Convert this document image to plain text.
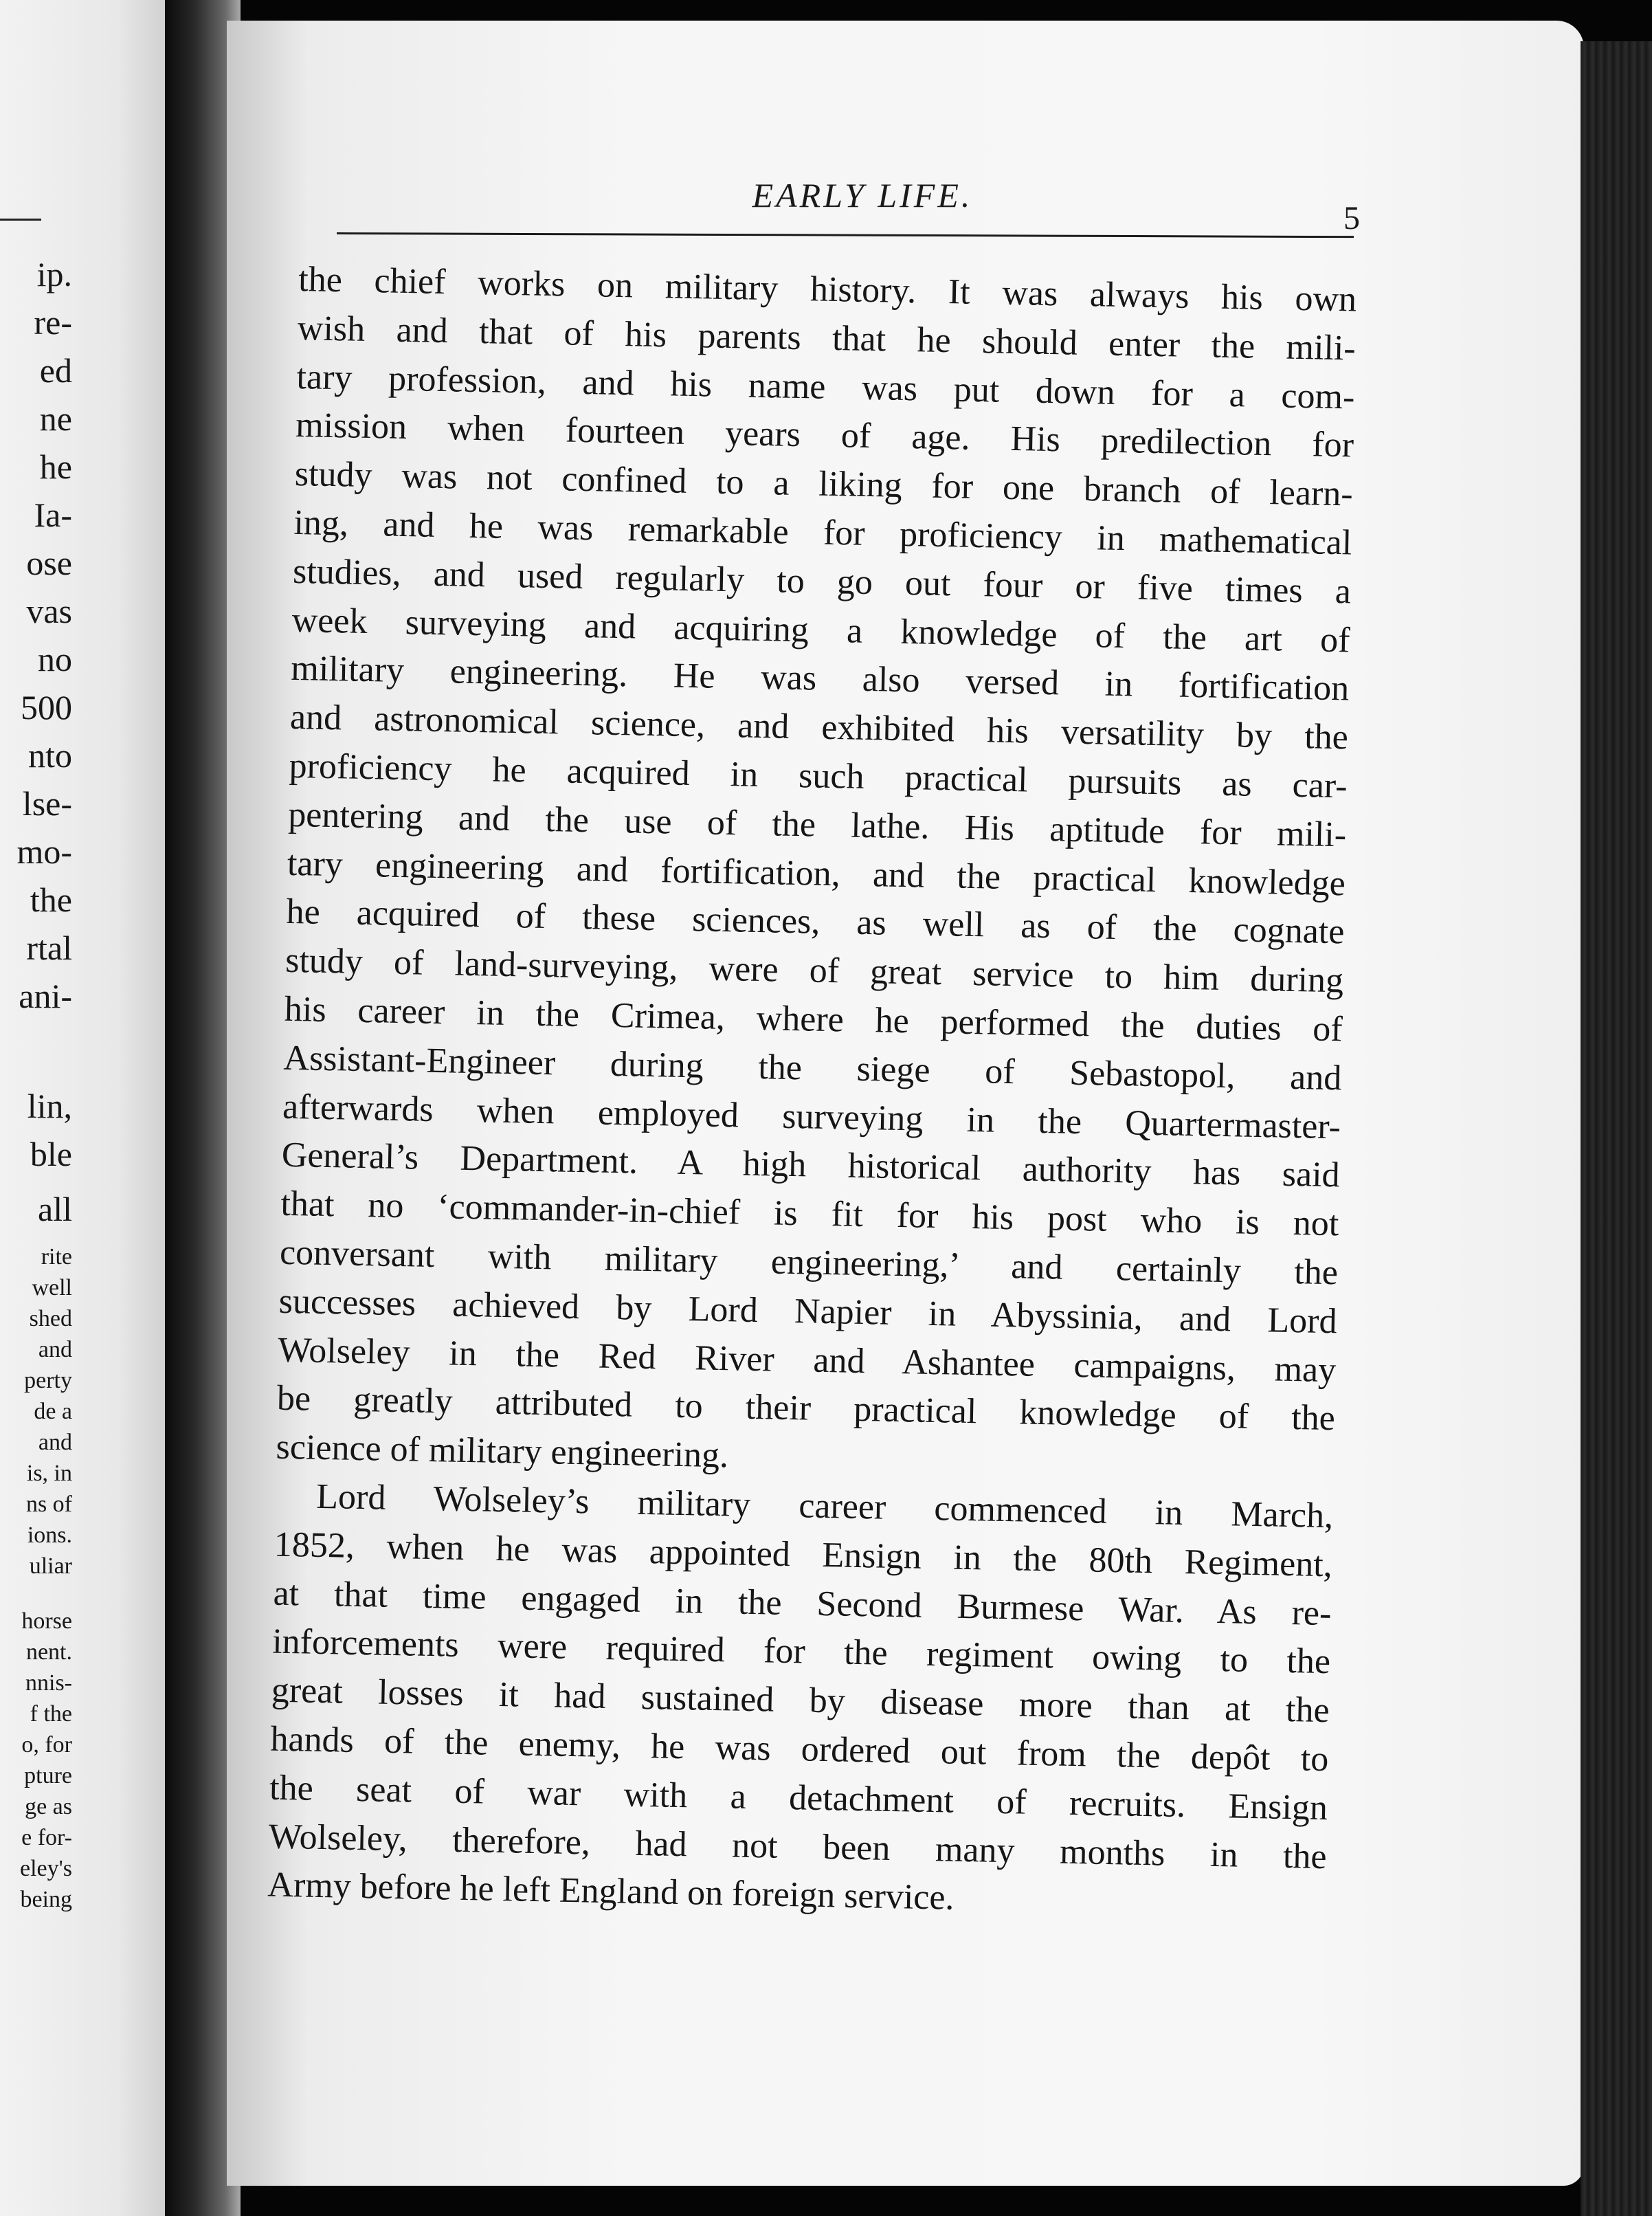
ip.
re-
ed
ne
he
Ia-
ose
vas
no
500
nto
lse-
mo-
the
rtal
ani-
lin,
ble
all
rite
well
shed
and
perty
de a
and
is, in
ns of
ions.
uliar
horse
nent.
nnis-
f the
o, for
pture
ge as
e for-
eley's
being
EARLY LIFE.
5
the chief works on military history. It was always his own
wish and that of his parents that he should enter the mili-
tary profession, and his name was put down for a com-
mission when fourteen years of age. His predilection for
study was not confined to a liking for one branch of learn-
ing, and he was remarkable for proficiency in mathematical
studies, and used regularly to go out four or five times a
week surveying and acquiring a knowledge of the art of
military engineering. He was also versed in fortification
and astronomical science, and exhibited his versatility by the
proficiency he acquired in such practical pursuits as car-
pentering and the use of the lathe. His aptitude for mili-
tary engineering and fortification, and the practical knowledge
he acquired of these sciences, as well as of the cognate
study of land-surveying, were of great service to him during
his career in the Crimea, where he performed the duties of
Assistant-Engineer during the siege of Sebastopol, and
afterwards when employed surveying in the Quartermaster-
General’s Department. A high historical authority has said
that no ‘commander-in-chief is fit for his post who is not
conversant with military engineering,’ and certainly the
successes achieved by Lord Napier in Abyssinia, and Lord
Wolseley in the Red River and Ashantee campaigns, may
be greatly attributed to their practical knowledge of the
science of military engineering.
Lord Wolseley’s military career commenced in March,
1852, when he was appointed Ensign in the 80th Regiment,
at that time engaged in the Second Burmese War. As re-
inforcements were required for the regiment owing to the
great losses it had sustained by disease more than at the
hands of the enemy, he was ordered out from the depôt to
the seat of war with a detachment of recruits. Ensign
Wolseley, therefore, had not been many months in the
Army before he left England on foreign service.
